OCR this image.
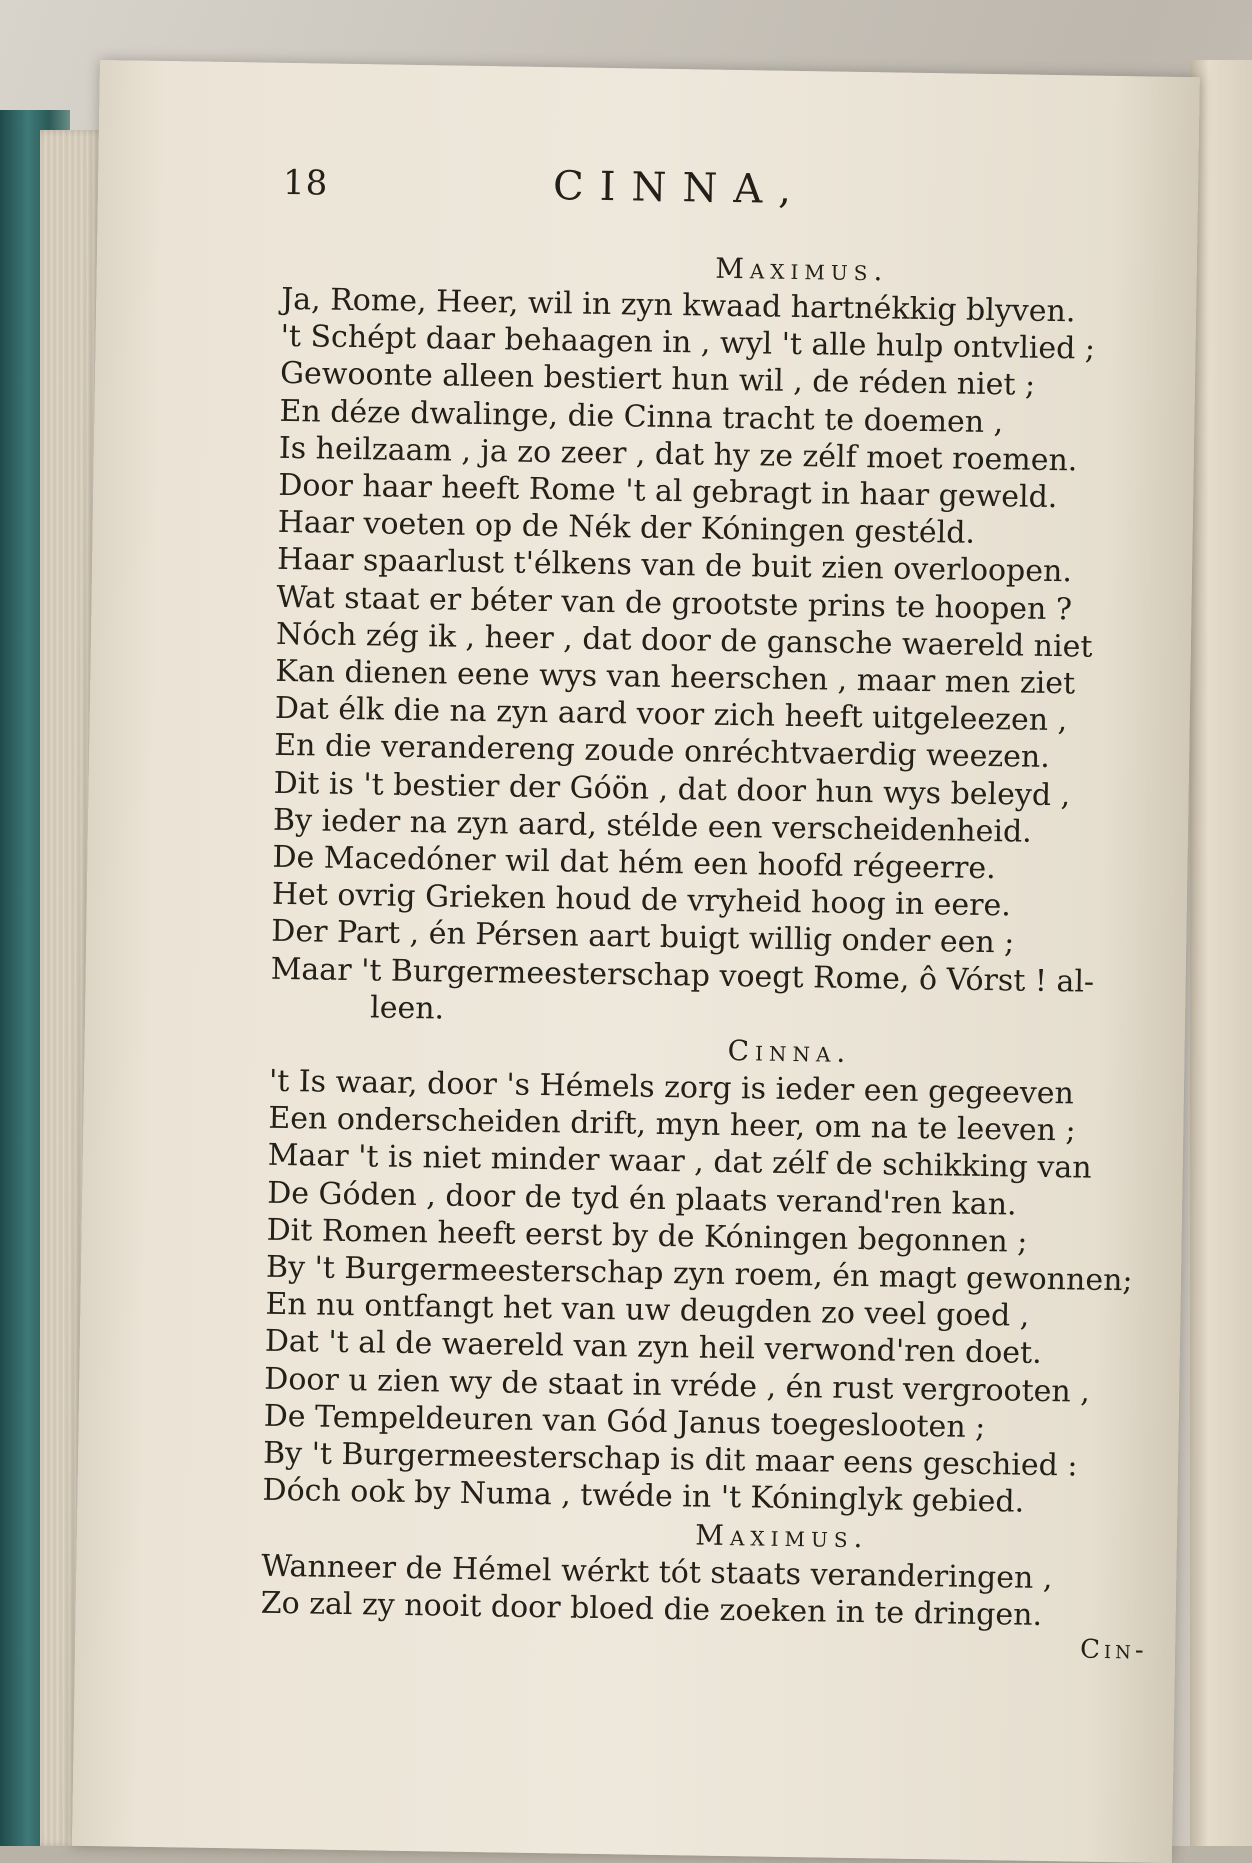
18	CINNA,
Maximus.
Ja, Rome, Heer, wil in zyn kwaad hartnékkig blyven.
't Schépt daar behaagen in , wyl 't alle hulp ontvlied ;
Gewoonte alleen bestiert hun wil , de réden niet ;
En déze dwalinge, die Cinna tracht te doemen ,
Is heilzaam , ja zo zeer , dat hy ze zélf moet roemen.
Door haar heeft Rome 't al gebragt in haar geweld.
Haar voeten op de Nék der Kóningen gestéld.
Haar spaarlust t'élkens van de buit zien overloopen.
Wat staat er béter van de grootste prins te hoopen ?
Nóch zég ik , heer , dat door de gansche waereld niet
Kan dienen eene wys van heerschen , maar men ziet
Dat élk die na zyn aard voor zich heeft uitgeleezen ,
En die verandereng zoude onréchtvaerdig weezen.
Dit is 't bestier der Góön , dat door hun wys beleyd ,
By ieder na zyn aard, stélde een verscheidenheid.
De Macedóner wil dat hém een hoofd régeerre.
Het ovrig Grieken houd de vryheid hoog in eere.
Der Part , én Pérsen aart buigt willig onder een ;
Maar 't Burgermeesterschap voegt Rome, ô Vórst ! al-
leen.
Cinna.
't Is waar, door 's Hémels zorg is ieder een gegeeven
Een onderscheiden drift, myn heer, om na te leeven ;
Maar 't is niet minder waar , dat zélf de schikking van
De Góden , door de tyd én plaats verand'ren kan.
Dit Romen heeft eerst by de Kóningen begonnen ;
By 't Burgermeesterschap zyn roem, én magt gewonnen;
En nu ontfangt het van uw deugden zo veel goed ,
Dat 't al de waereld van zyn heil verwond'ren doet.
Door u zien wy de staat in vréde , én rust vergrooten ,
De Tempeldeuren van Gód Janus toegeslooten ;
By 't Burgermeesterschap is dit maar eens geschied :
Dóch ook by Numa , twéde in 't Kóninglyk gebied.
Maximus.
Wanneer de Hémel wérkt tót staats veranderingen ,
Zo zal zy nooit door bloed die zoeken in te dringen.
Cin-
